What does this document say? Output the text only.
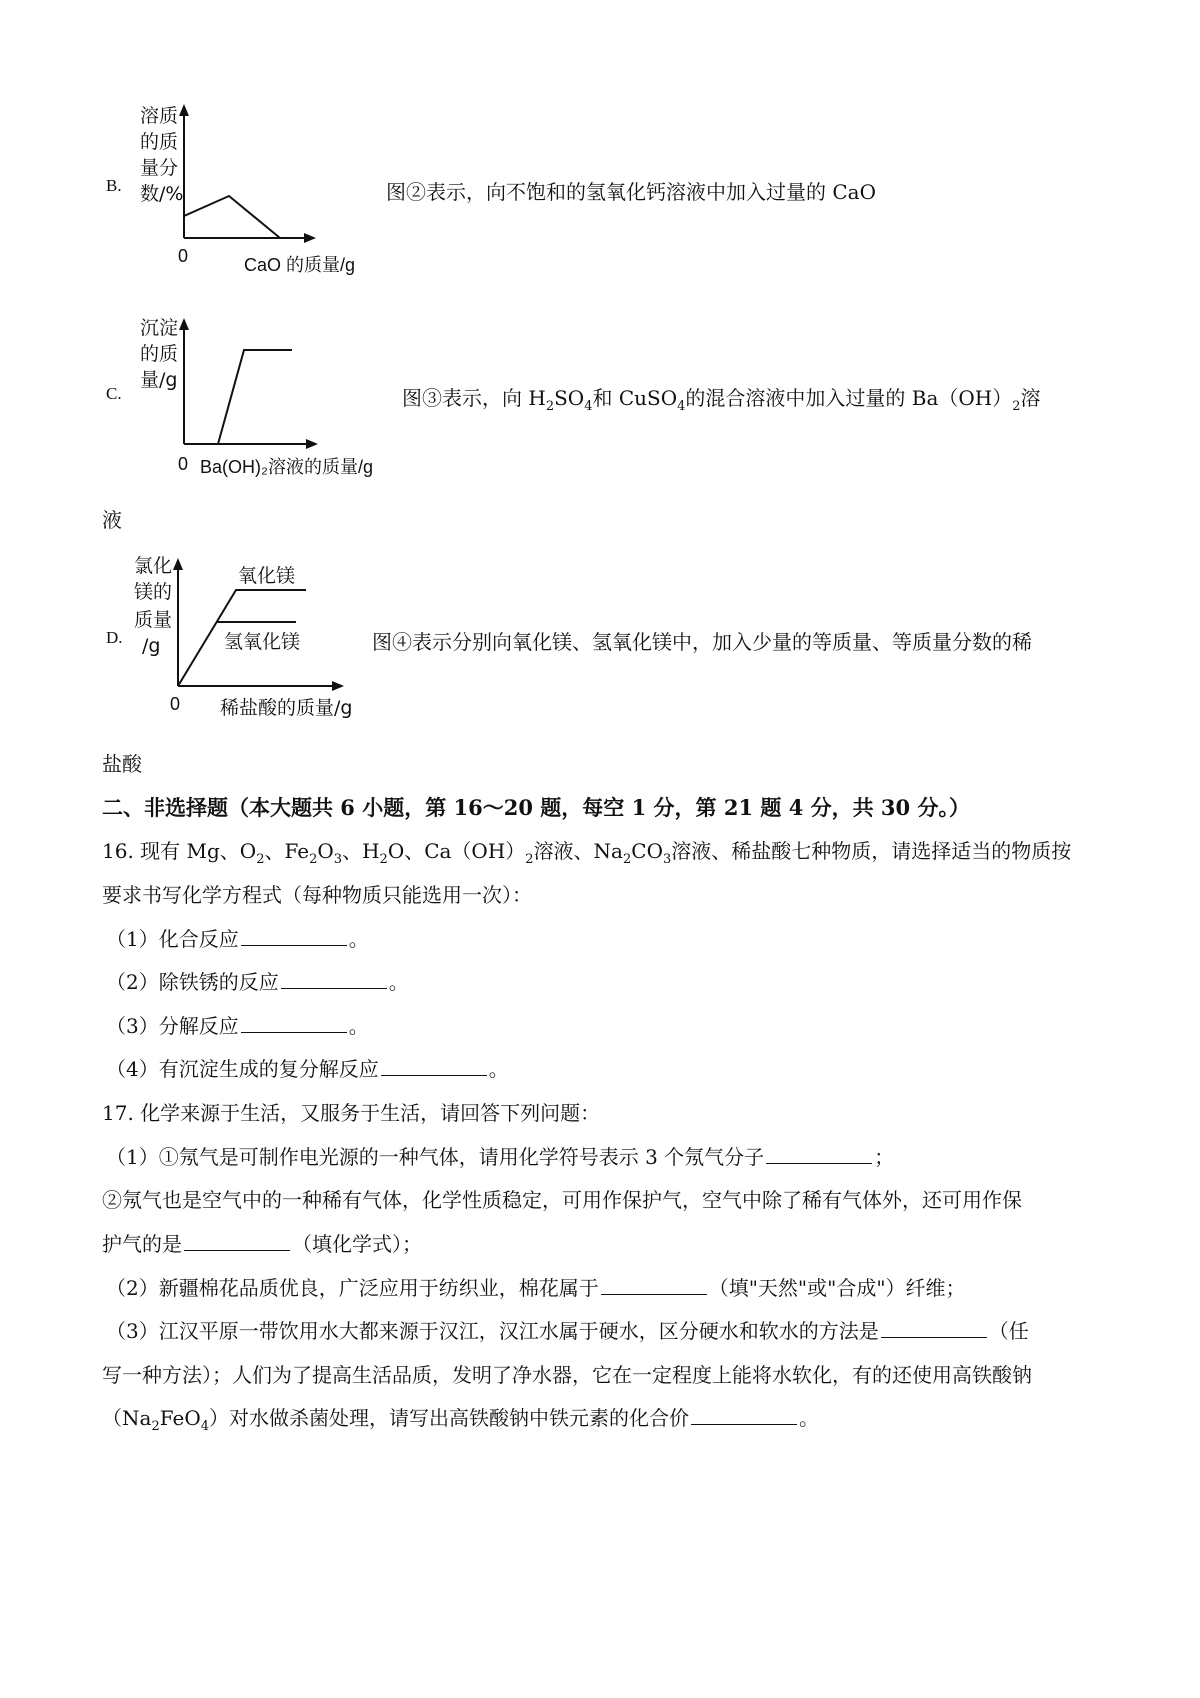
B.
溶质
的质
量分
数/%
0	CaO 的质量/g
图②表示，向不饱和的氢氧化钙溶液中加入过量的 CaO
C.
沉淀
的质
量/g
0 Ba(OH)₂溶液的质量/g
图③表示，向 $H_2SO_4$和 CuSO$_4$的混合溶液中加入过量的 $Ba(OH)_2$溶
液
D.
氯化
镁的
质量
/g
氧化镁
氢氧化镁
0 稀盐酸的质量/g
图④表示分别向氧化镁、氢氧化镁中，加入少量的等质量、等质量分数的稀
盐酸
二、非选择题（本大题共 6 小题，第 16～20 题，每空 1 分，第 21 题 4 分，共 30 分。）
16. 现有 Mg、$O_2$、$Fe_2O_3$、$H_2O$、$Ca(OH)_2$溶液、$Na_2CO_3$溶液、稀盐酸七种物质，请选择适当的物质按
要求书写化学方程式（每种物质只能选用一次）：
（1）化合反应	。
（2）除铁锈的反应	。
（3）分解反应	。
（4）有沉淀生成的复分解反应	。
17. 化学来源于生活，又服务于生活，请回答下列问题：
（1）①氖气是可制作电光源的一种气体，请用化学符号表示 3 个氖气分子	；
②氖气也是空气中的一种稀有气体，化学性质稳定，可用作保护气，空气中除了稀有气体外，还可用作保
护气的是	（填化学式）；
（2）新疆棉花品质优良，广泛应用于纺织业，棉花属于	（填"天然"或"合成"）纤维；
（3）江汉平原一带饮用水大都来源于汉江，汉江水属于硬水，区分硬水和软水的方法是	（任
写一种方法）；人们为了提高生活品质，发明了净水器，它在一定程度上能将水软化，有的还使用高铁酸钠
$(Na_2FeO_4)$对水做杀菌处理，请写出高铁酸钠中铁元素的化合价	。
